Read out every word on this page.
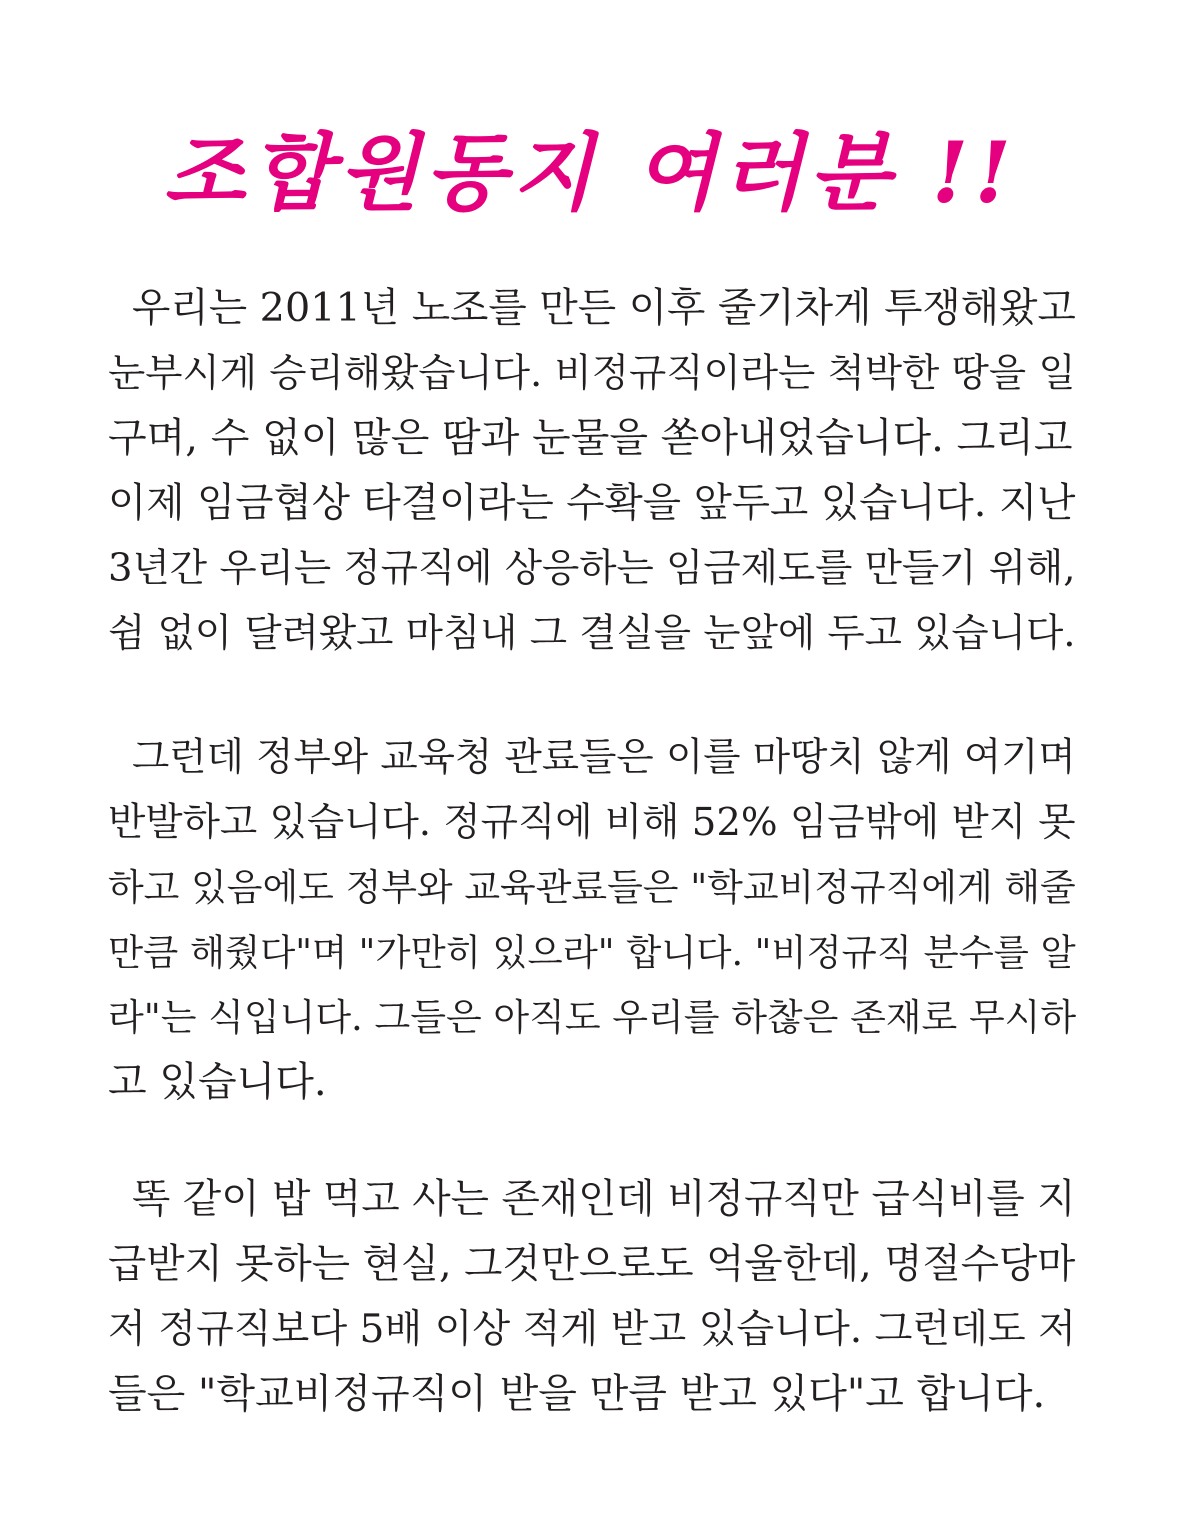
조합원동지 여러분 !!
우리는 2011년 노조를 만든 이후 줄기차게 투쟁해왔고
눈부시게 승리해왔습니다. 비정규직이라는 척박한 땅을 일
구며, 수 없이 많은 땀과 눈물을 쏟아내었습니다. 그리고
이제 임금협상 타결이라는 수확을 앞두고 있습니다. 지난
3년간 우리는 정규직에 상응하는 임금제도를 만들기 위해,
쉼 없이 달려왔고 마침내 그 결실을 눈앞에 두고 있습니다.
그런데 정부와 교육청 관료들은 이를 마땅치 않게 여기며
반발하고 있습니다. 정규직에 비해 52% 임금밖에 받지 못
하고 있음에도 정부와 교육관료들은 "학교비정규직에게 해줄
만큼 해줬다"며 "가만히 있으라" 합니다. "비정규직 분수를 알
라"는 식입니다. 그들은 아직도 우리를 하찮은 존재로 무시하
고 있습니다.
똑 같이 밥 먹고 사는 존재인데 비정규직만 급식비를 지
급받지 못하는 현실, 그것만으로도 억울한데, 명절수당마
저 정규직보다 5배 이상 적게 받고 있습니다. 그런데도 저
들은 "학교비정규직이 받을 만큼 받고 있다"고 합니다.
